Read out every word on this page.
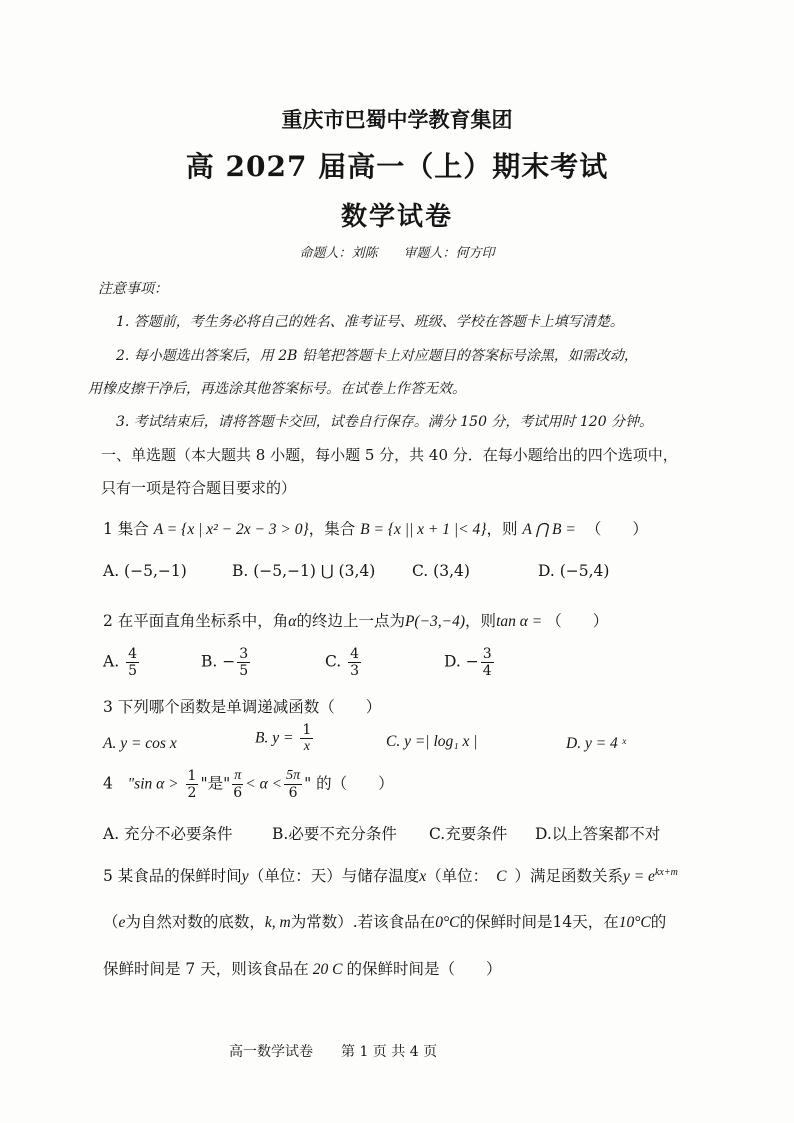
重庆市巴蜀中学教育集团
高 2027 届高一（上）期末考试
数学试卷
命题人：刘陈　　审题人：何方印
注意事项：
1. 答题前，考生务必将自己的姓名、准考证号、班级、学校在答题卡上填写清楚。
2. 每小题选出答案后，用 2B 铅笔把答题卡上对应题目的答案标号涂黑，如需改动，
用橡皮擦干净后，再选涂其他答案标号。在试卷上作答无效。
3. 考试结束后，请将答题卡交回，试卷自行保存。满分 150 分，考试用时 120 分钟。
一、单选题（本大题共 8 小题，每小题 5 分，共 40 分．在每小题给出的四个选项中，
只有一项是符合题目要求的）
1 集合 A = {x | x² − 2x − 3 > 0}，集合 B = {x || x + 1 |< 4}，则 A ⋂ B = （　　）
A. (−5,−1)	B. (−5,−1) ⋃ (3,4) C. (3,4)	D. (−5,4)
2 在平面直角坐标系中，角α的终边上一点为P(−3,−4)，则tan α = （　　）
A. $\frac{4}{5}$	B. − $\frac{3}{5}$	C. $\frac{4}{3}$	D. − $\frac{3}{4}$
3 下列哪个函数是单调递减函数（　　）
A. y = cos x	B. $y = \frac{1}{x}$	C. y =| log₁ x |	D. y = 4 ˣ
4 "sin $\alpha > \frac{1}{2}$ "是" $\frac{\pi}{6} < \alpha < \frac{5\pi}{6}$ " 的（　　）
A. 充分不必要条件	B.必要不充分条件 C.充要条件 D.以上答案都不对
5 某食品的保鲜时间y（单位：天）与储存温度x（单位： C ）满足函数关系$y = e^{kx+m}$
（e为自然对数的底数，k, m为常数）.若该食品在0°C的保鲜时间是14天，在10°C的
保鲜时间是 7 天，则该食品在 20 C 的保鲜时间是（　　）
高一数学试卷 第 1 页 共 4 页
